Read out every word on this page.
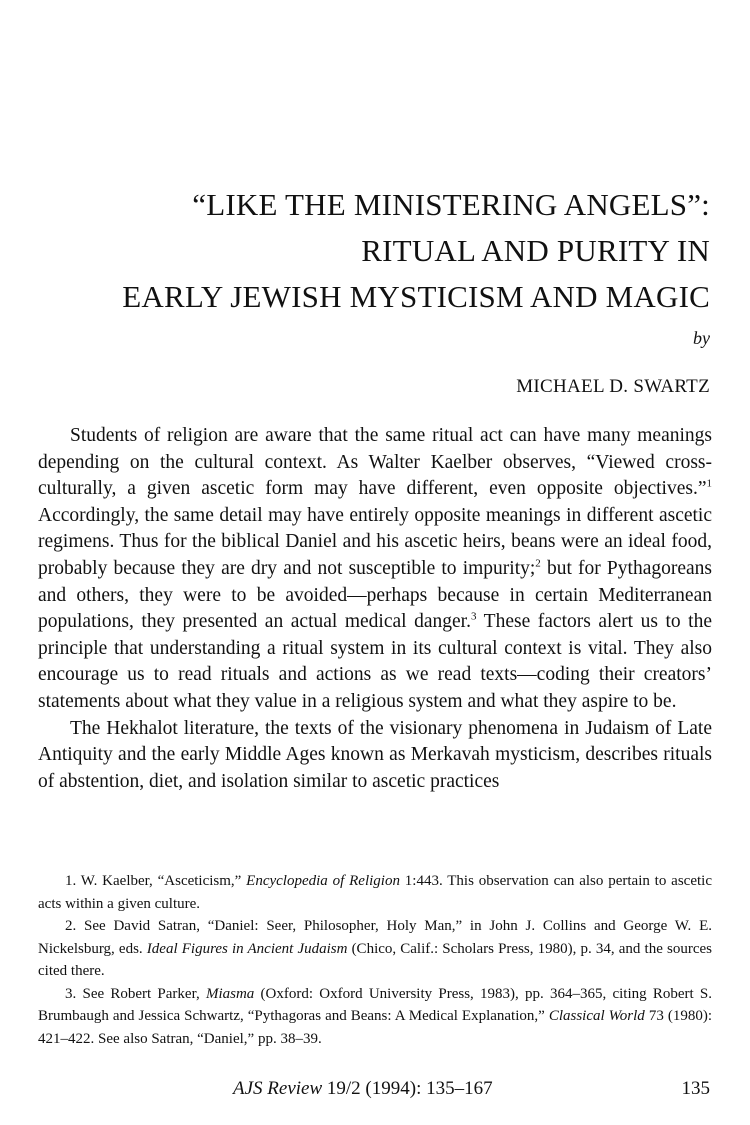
“LIKE THE MINISTERING ANGELS”:
RITUAL AND PURITY IN
EARLY JEWISH MYSTICISM AND MAGIC
by
MICHAEL D. SWARTZ

Students of religion are aware that the same ritual act can have many meanings depending on the cultural context. As Walter Kaelber observes, “Viewed cross-culturally, a given ascetic form may have different, even opposite objectives.”$^1$ Accordingly, the same detail may have entirely opposite meanings in different ascetic regimens. Thus for the biblical Daniel and his ascetic heirs, beans were an ideal food, probably because they are dry and not susceptible to impurity;$^2$ but for Pythagoreans and others, they were to be avoided—perhaps because in certain Mediterranean populations, they presented an actual medical danger.$^3$ These factors alert us to the principle that understanding a ritual system in its cultural context is vital. They also encourage us to read rituals and actions as we read texts—coding their creators’ statements about what they value in a religious system and what they aspire to be.

The Hekhalot literature, the texts of the visionary phenomena in Judaism of Late Antiquity and the early Middle Ages known as Merkavah mysticism, describes rituals of abstention, diet, and isolation similar to ascetic practices

1. W. Kaelber, “Asceticism,” Encyclopedia of Religion 1:443. This observation can also pertain to ascetic acts within a given culture.

2. See David Satran, “Daniel: Seer, Philosopher, Holy Man,” in John J. Collins and George W. E. Nickelsburg, eds. Ideal Figures in Ancient Judaism (Chico, Calif.: Scholars Press, 1980), p. 34, and the sources cited there.

3. See Robert Parker, Miasma (Oxford: Oxford University Press, 1983), pp. 364–365, citing Robert S. Brumbaugh and Jessica Schwartz, “Pythagoras and Beans: A Medical Explanation,” Classical World 73 (1980): 421–422. See also Satran, “Daniel,” pp. 38–39.

AJS Review 19/2 (1994): 135–167	135
